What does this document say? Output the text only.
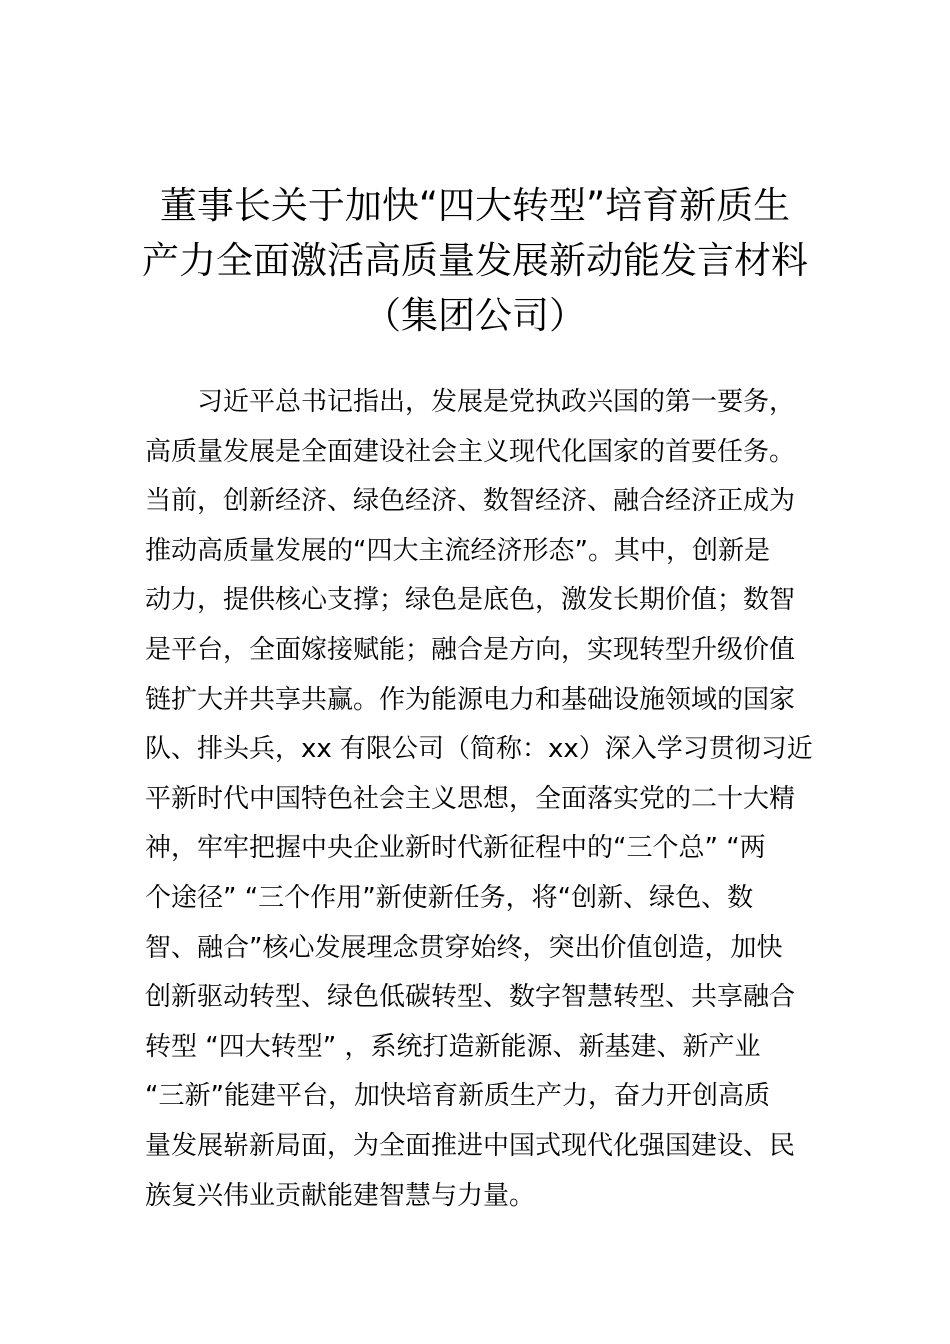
董事长关于加快“四大转型”培育新质生
产力全面激活高质量发展新动能发言材料
（集团公司）
习近平总书记指出，发展是党执政兴国的第一要务，
高质量发展是全面建设社会主义现代化国家的首要任务。
当前，创新经济、绿色经济、数智经济、融合经济正成为
推动高质量发展的“四大主流经济形态”。其中，创新是
动力，提供核心支撑；绿色是底色，激发长期价值；数智
是平台，全面嫁接赋能；融合是方向，实现转型升级价值
链扩大并共享共赢。作为能源电力和基础设施领域的国家
队、排头兵，xx 有限公司（简称：xx）深入学习贯彻习近
平新时代中国特色社会主义思想，全面落实党的二十大精
神，牢牢把握中央企业新时代新征程中的“三个总” “两
个途径” “三个作用”新使新任务，将“创新、绿色、数
智、融合”核心发展理念贯穿始终，突出价值创造，加快
创新驱动转型、绿色低碳转型、数字智慧转型、共享融合
转型 “四大转型” ，系统打造新能源、新基建、新产业
“三新”能建平台，加快培育新质生产力，奋力开创高质
量发展崭新局面，为全面推进中国式现代化强国建设、民
族复兴伟业贡献能建智慧与力量。
